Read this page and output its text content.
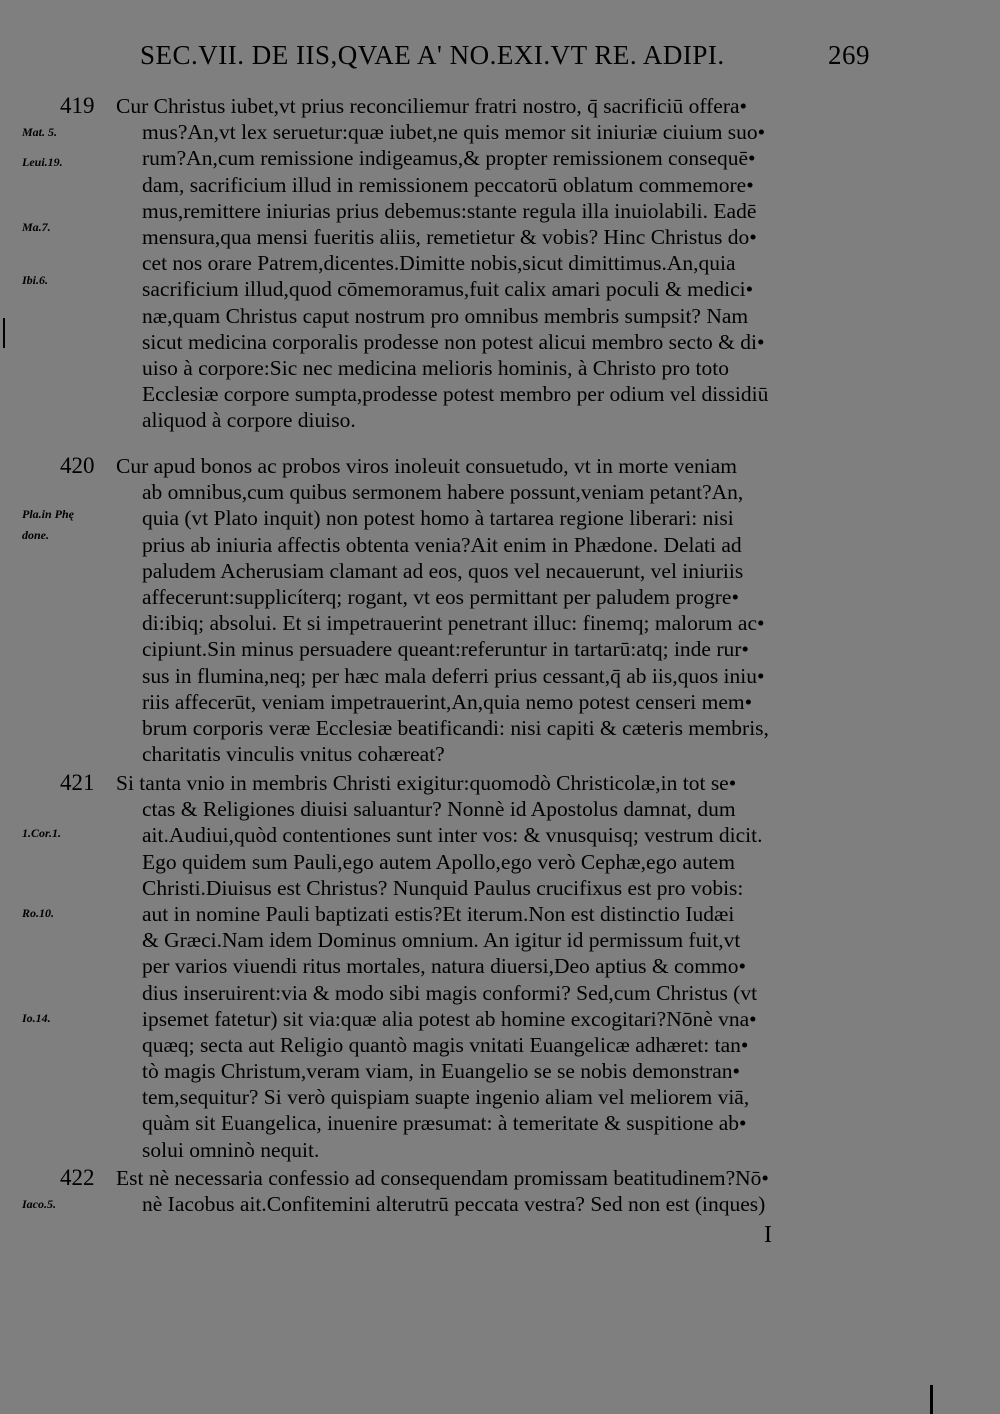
SEC.VII. DE IIS,QVAE A' NO.EXI.VT RE. ADIPI.	269
419 Cur Christus iubet,vt prius reconciliemur fratri nostro, q̄ sacrificiū offera•
mus?An,vt lex seruetur:quæ iubet,ne quis memor sit iniuriæ ciuium suo•
rum?An,cum remissione indigeamus,& propter remissionem consequē•
dam, sacrificium illud in remissionem peccatorū oblatum commemore•
mus,remittere iniurias prius debemus:stante regula illa inuiolabili. Eadē
mensura,qua mensi fueritis aliis, remetietur & vobis? Hinc Christus do•
cet nos orare Patrem,dicentes.Dimitte nobis,sicut dimittimus.An,quia
sacrificium illud,quod cōmemoramus,fuit calix amari poculi & medici•
næ,quam Christus caput nostrum pro omnibus membris sumpsit? Nam
sicut medicina corporalis prodesse non potest alicui membro secto & di•
uiso à corpore:Sic nec medicina melioris hominis, à Christo pro toto
Ecclesiæ corpore sumpta,prodesse potest membro per odium vel dissidiū
aliquod à corpore diuiso.
420 Cur apud bonos ac probos viros inoleuit consuetudo, vt in morte veniam
ab omnibus,cum quibus sermonem habere possunt,veniam petant?An,
quia (vt Plato inquit) non potest homo à tartarea regione liberari: nisi
prius ab iniuria affectis obtenta venia?Ait enim in Phædone. Delati ad
paludem Acherusiam clamant ad eos, quos vel necauerunt, vel iniuriis
affecerunt:supplicíterq; rogant, vt eos permittant per paludem progre•
di:ibiq; absolui. Et si impetrauerint penetrant illuc: finemq; malorum ac•
cipiunt.Sin minus persuadere queant:referuntur in tartarū:atq; inde rur•
sus in flumina,neq; per hæc mala deferri prius cessant,q̄ ab iis,quos iniu•
riis affecerūt, veniam impetrauerint,An,quia nemo potest censeri mem•
brum corporis veræ Ecclesiæ beatificandi: nisi capiti & cæteris membris,
charitatis vinculis vnitus cohæreat?
421 Si tanta vnio in membris Christi exigitur:quomodò Christicolæ,in tot se•
ctas & Religiones diuisi saluantur? Nonnè id Apostolus damnat, dum
ait.Audiui,quòd contentiones sunt inter vos: & vnusquisq; vestrum dicit.
Ego quidem sum Pauli,ego autem Apollo,ego verò Cephæ,ego autem
Christi.Diuisus est Christus? Nunquid Paulus crucifixus est pro vobis:
aut in nomine Pauli baptizati estis?Et iterum.Non est distinctio Iudæi
& Græci.Nam idem Dominus omnium. An igitur id permissum fuit,vt
per varios viuendi ritus mortales, natura diuersi,Deo aptius & commo•
dius inseruirent:via & modo sibi magis conformi? Sed,cum Christus (vt
ipsemet fatetur) sit via:quæ alia potest ab homine excogitari?Nōnè vna•
quæq; secta aut Religio quantò magis vnitati Euangelicæ adhæret: tan•
tò magis Christum,veram viam, in Euangelio se se nobis demonstran•
tem,sequitur? Si verò quispiam suapte ingenio aliam vel meliorem viā,
quàm sit Euangelica, inuenire præsumat: à temeritate & suspitione ab•
solui omninò nequit.
422 Est nè necessaria confessio ad consequendam promissam beatitudinem?Nō•
nè Iacobus ait.Confitemini alterutrū peccata vestra? Sed non est (inques)
Mat. 5.
Leui.19.
Ma.7.
Ibi.6.
Pla.in Phę
done.
1.Cor.1.
Ro.10.
Io.14.
Iaco.5.
I
